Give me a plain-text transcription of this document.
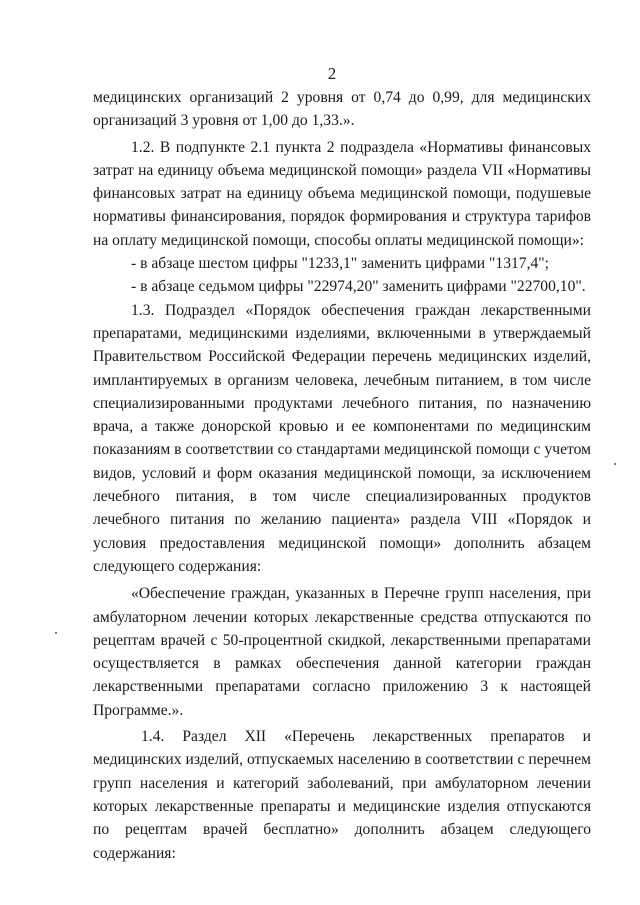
2

медицинских организаций 2 уровня от 0,74 до 0,99, для медицинских организаций 3 уровня от 1,00 до 1,33.».

1.2. В подпункте 2.1 пункта 2 подраздела «Нормативы финансовых затрат на единицу объема медицинской помощи» раздела VII «Нормативы финансовых затрат на единицу объема медицинской помощи, подушевые нормативы финансирования, порядок формирования и структура тарифов на оплату медицинской помощи, способы оплаты медицинской помощи»:

- в абзаце шестом цифры "1233,1" заменить цифрами "1317,4";

- в абзаце седьмом цифры "22974,20" заменить цифрами "22700,10".

1.3. Подраздел «Порядок обеспечения граждан лекарственными препаратами, медицинскими изделиями, включенными в утверждаемый Правительством Российской Федерации перечень медицинских изделий, имплантируемых в организм человека, лечебным питанием, в том числе специализированными продуктами лечебного питания, по назначению врача, а также донорской кровью и ее компонентами по медицинским показаниям в соответствии со стандартами медицинской помощи с учетом видов, условий и форм оказания медицинской помощи, за исключением лечебного питания, в том числе специализированных продуктов лечебного питания по желанию пациента» раздела VIII «Порядок и условия предоставления медицинской помощи» дополнить абзацем следующего содержания:

«Обеспечение граждан, указанных в Перечне групп населения, при амбулаторном лечении которых лекарственные средства отпускаются по рецептам врачей с 50-процентной скидкой, лекарственными препаратами осуществляется в рамках обеспечения данной категории граждан лекарственными препаратами согласно приложению 3 к настоящей Программе.».

1.4. Раздел XII «Перечень лекарственных препаратов и медицинских изделий, отпускаемых населению в соответствии с перечнем групп населения и категорий заболеваний, при амбулаторном лечении которых лекарственные препараты и медицинские изделия отпускаются по рецептам врачей бесплатно» дополнить абзацем следующего содержания:
